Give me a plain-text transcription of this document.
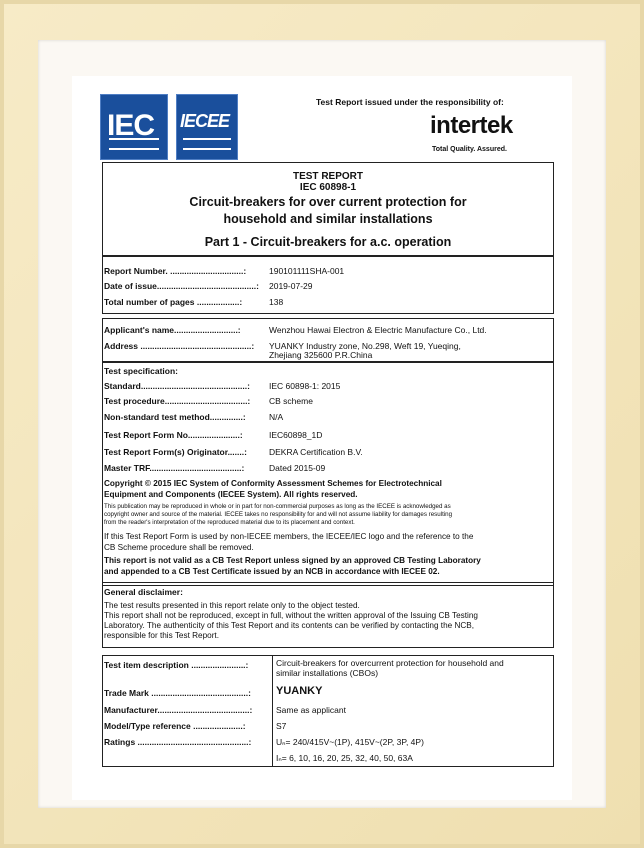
IEC IECEE
Test Report issued under the responsibility of:
intertek
Total Quality. Assured.
TEST REPORT
IEC 60898-1
Circuit-breakers for over current protection for
household and similar installations
Part 1 - Circuit-breakers for a.c. operation
Report Number. ...............................:	190101111SHA-001
Date of issue..........................................: 2019-07-29
Total number of pages ..................:	138
Applicant's name...........................:	Wenzhou Hawai Electron & Electric Manufacture Co., Ltd.
Address ...............................................: YUANKY Industry zone, No.298, Weft 19, Yueqing,
Zhejiang 325600 P.R.China
Test specification:
Standard.............................................: IEC 60898-1: 2015
Test procedure...................................: CB scheme
Non-standard test method..............:	N/A
Test Report Form No......................:	IEC60898_1D
Test Report Form(s) Originator.......:	DEKRA Certification B.V.
Master TRF.......................................:	Dated 2015-09
Copyright © 2015 IEC System of Conformity Assessment Schemes for Electrotechnical
Equipment and Components (IECEE System). All rights reserved.
This publication may be reproduced in whole or in part for non-commercial purposes as long as the IECEE is acknowledged as
copyright owner and source of the material. IECEE takes no responsibility for and will not assume liability for damages resulting
from the reader's interpretation of the reproduced material due to its placement and context.
If this Test Report Form is used by non-IECEE members, the IECEE/IEC logo and the reference to the
CB Scheme procedure shall be removed.
This report is not valid as a CB Test Report unless signed by an approved CB Testing Laboratory
and appended to a CB Test Certificate issued by an NCB in accordance with IECEE 02.
General disclaimer:
The test results presented in this report relate only to the object tested.
This report shall not be reproduced, except in full, without the written approval of the Issuing CB Testing
Laboratory. The authenticity of this Test Report and its contents can be verified by contacting the NCB,
responsible for this Test Report.
Test item description .......................:	Circuit-breakers for overcurrent protection for household and
similar installations (CBOs)
Trade Mark .........................................: YUANKY
Manufacturer.......................................:	Same as applicant
Model/Type reference .....................:	S7
Ratings ...............................................:	Uₙ= 240/415V~(1P), 415V~(2P, 3P, 4P)
Iₙ= 6, 10, 16, 20, 25, 32, 40, 50, 63A
